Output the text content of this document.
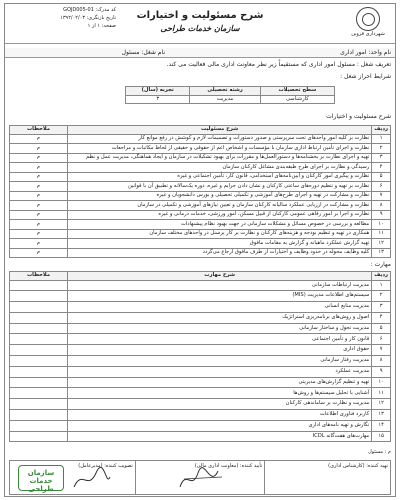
کد مدرک: GOJD005-01
تاریخ بازنگری: ۱۳۹۲/۰۲/۰۳
صفحه: ۱ از ۱
شرح مسئولیت و اختیارات
سازمان خدمات طراحی
شهرداری قزوین
نام واحد: امور اداری
نام شغل: مسئول
تعریف شغل : مسئول امور اداری که مستقیماً زیر نظر معاونت اداری مالی فعالیت می کند.
شرایط احراز شغل :
سطح تحصیلات	رشته تحصیلی	تجربه (سال)
کارشناسی	مدیریت	۳
شرح مسئولیت و اختیارات
ردیف	شرح مسئولیت	ملاحظات
۱	نظارت بر کلیه امور واحدهای تحت سرپرستی و صدور دستورات و تصمیمات لازم و کوشش در رفع موانع کار	م
۲	نظارت و اجرای تأمین ارتباط اداری سازمان با مؤسسات و اشخاص اعم از حقوقی و حقیقی از لحاظ مکاتبات و مراجعات	م
۳	تهیه و اجرای نظارت بر بخشنامه‌ها و دستورالعمل‌ها و مقررات برای بهبود تشکیلات در سازمان و ایجاد هماهنگی، مدیریت عمل و نظم	م
۴	رسیدگی و نظارت بر اجرای طرح طبقه‌بندی مشاغل کارکنان سازمان	م
۵	نظارت و پیگیری امور کارکنان و آیین‌نامه‌های استخدامی، قانون کار، تأمین اجتماعی و غیره	م
۶	نظارت بر تهیه و تنظیم دوره‌های ساعتی کارکنان و نشان دادن جرایم و غیره، دوره یک‌سالانه و تطبیق آن با قوانین	م
۷	نظارت و مشارکت در تهیه و اجرای طرح‌های آموزشی و تکمیلی تحصیلی و بورس دانشجویان و غیره	م
۸	نظارت و مشارکت در ارزیابی عملکرد سالیانه کارکنان سازمان و تعیین نیازهای آموزشی و تکمیلی در سازمان	م
۹	نظارت و اجرا بر امور رفاهی عمومی کارکنان از قبیل مسکن، امور ورزشی، خدمات درمانی و غیره	م
۱۰	مطالعه و بررسی در خصوص مسائل و مشکلات سازمانی در جهت بهبود نظام پیشنهادات	م
۱۱	همکاری در تهیه و تنظیم بودجه و هزینه‌های کارکنان و نظارت بر کار پرسنل در واحدهای مختلف سازمان	م
۱۲	تهیه گزارش عملکرد ماهیانه و گزارش به مقامات مافوق	م
۱۳	کلیه وظایف محوله در حدود وظایف و اختیارات از طرف مافوق ارجاع می‌گردد	م
مهارت :
ردیف	شرح مهارت	ملاحظات
۱	مدیریت ارتباطات سازمانی	
۲	سیستم‌های اطلاعات مدیریت (MIS)	
۳	مدیریت منابع انسانی	
۴	اصول و روش‌های برنامه‌ریزی استراتژیک	
۵	مدیریت تحول و ساختار سازمانی	
۶	قانون کار و تأمین اجتماعی	
۷	حقوق اداری	
۸	مدیریت رفتار سازمانی	
۹	مدیریت عملکرد	
۱۰	تهیه و تنظیم گزارش‌های مدیریتی	
۱۱	آشنایی با تحلیل سیستم‌ها و روش‌ها	
۱۲	مدیریت و نظارت بر ساماندهی کارکنان	
۱۳	کاربرد فناوری اطلاعات	
۱۴	نگارش و تهیه نامه‌های اداری	
۱۵	مهارت‌های هفت‌گانه ICDL	
م : مسئول
تهیه کننده: (کارشناس اداری)	تأیید کننده: (معاونت اداری مالی)
	تصویب کننده: (مدیرعامل)
سازمان خدمات طراحی
